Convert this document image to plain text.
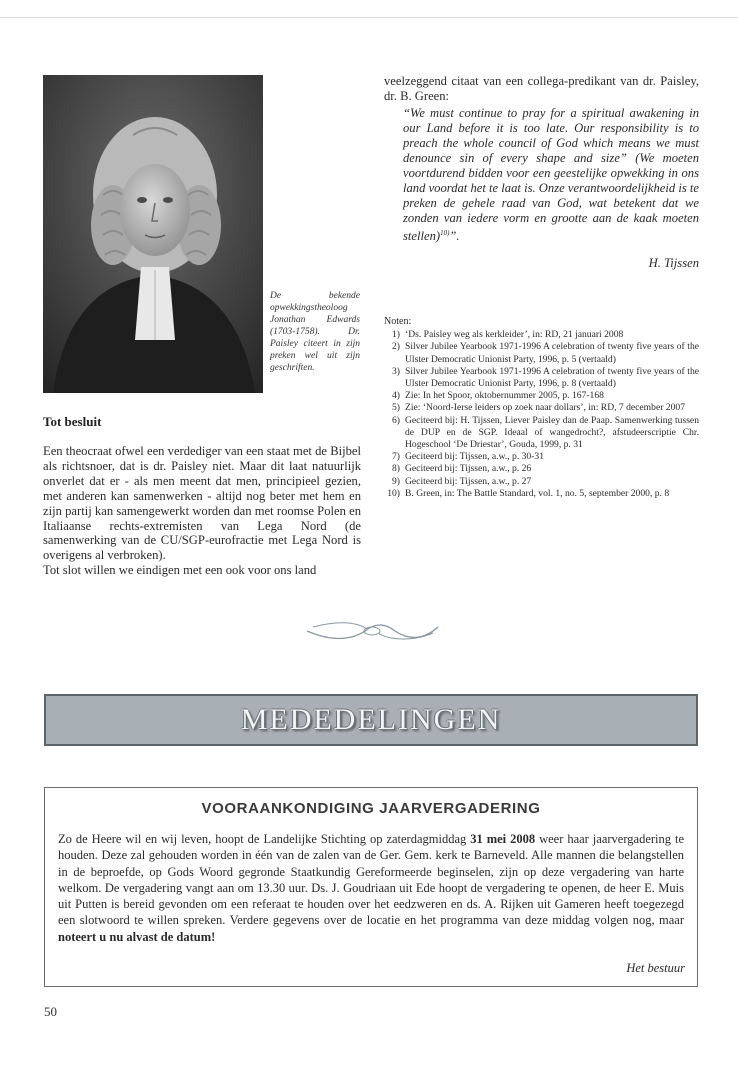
De bekende opwekkingstheoloog Jonathan Edwards (1703-1758). Dr. Paisley citeert in zijn preken wel uit zijn geschriften.
Tot besluit

Een theocraat ofwel een verdediger van een staat met de Bijbel als richtsnoer, dat is dr. Paisley niet. Maar dit laat natuurlijk onverlet dat er - als men meent dat men, principieel gezien, met anderen kan samenwerken - altijd nog beter met hem en zijn partij kan samengewerkt worden dan met roomse Polen en Italiaanse rechts-extremisten van Lega Nord (de samenwerking van de CU/SGP-eurofractie met Lega Nord is overigens al verbroken).

Tot slot willen we eindigen met een ook voor ons land

veelzeggend citaat van een collega-predikant van dr. Paisley, dr. B. Green:

“We must continue to pray for a spiritual awakening in our Land before it is too late. Our responsibility is to preach the whole council of God which means we must denounce sin of every shape and size” (We moeten voortdurend bidden voor een geestelijke opwekking in ons land voordat het te laat is. Onze verantwoordelijkheid is te preken de gehele raad van God, wat betekent dat we zonden van iedere vorm en grootte aan de kaak moeten stellen)$^{10)}$”.

H. Tijssen
Noten:
1) ‘Ds. Paisley weg als kerkleider’, in: RD, 21 januari 2008
2) Silver Jubilee Yearbook 1971-1996 A celebration of twenty five years of the Ulster Democratic Unionist Party, 1996, p. 5 (vertaald)
3) Silver Jubilee Yearbook 1971-1996 A celebration of twenty five years of the Ulster Democratic Unionist Party, 1996, p. 8 (vertaald)
4) Zie: In het Spoor, oktobernummer 2005, p. 167-168
5) Zie: ‘Noord-Ierse leiders op zoek naar dollars’, in: RD, 7 december 2007
6) Geciteerd bij: H. Tijssen, Liever Paisley dan de Paap. Samenwerking tussen de DUP en de SGP. Ideaal of wangedrocht?, afstudeerscriptie Chr. Hogeschool ‘De Driestar’, Gouda, 1999, p. 31
7) Geciteerd bij: Tijssen, a.w., p. 30-31
8) Geciteerd bij: Tijssen, a.w., p. 26
9) Geciteerd bij: Tijssen, a.w., p. 27
10) B. Green, in: The Battle Standard, vol. 1, no. 5, september 2000, p. 8
MEDEDELINGEN
VOORAANKONDIGING JAARVERGADERING

Zo de Heere wil en wij leven, hoopt de Landelijke Stichting op zaterdagmiddag 31 mei 2008 weer haar jaarvergadering te houden. Deze zal gehouden worden in één van de zalen van de Ger. Gem. kerk te Barneveld. Alle mannen die belangstellen in de beproefde, op Gods Woord gegronde Staatkundig Gereformeerde beginselen, zijn op deze vergadering van harte welkom. De vergadering vangt aan om 13.30 uur. Ds. J. Goudriaan uit Ede hoopt de vergadering te openen, de heer E. Muis uit Putten is bereid gevonden om een referaat te houden over het eedzweren en ds. A. Rijken uit Gameren heeft toegezegd een slotwoord te willen spreken. Verdere gegevens over de locatie en het programma van deze middag volgen nog, maar noteert u nu alvast de datum!

Het bestuur
50
